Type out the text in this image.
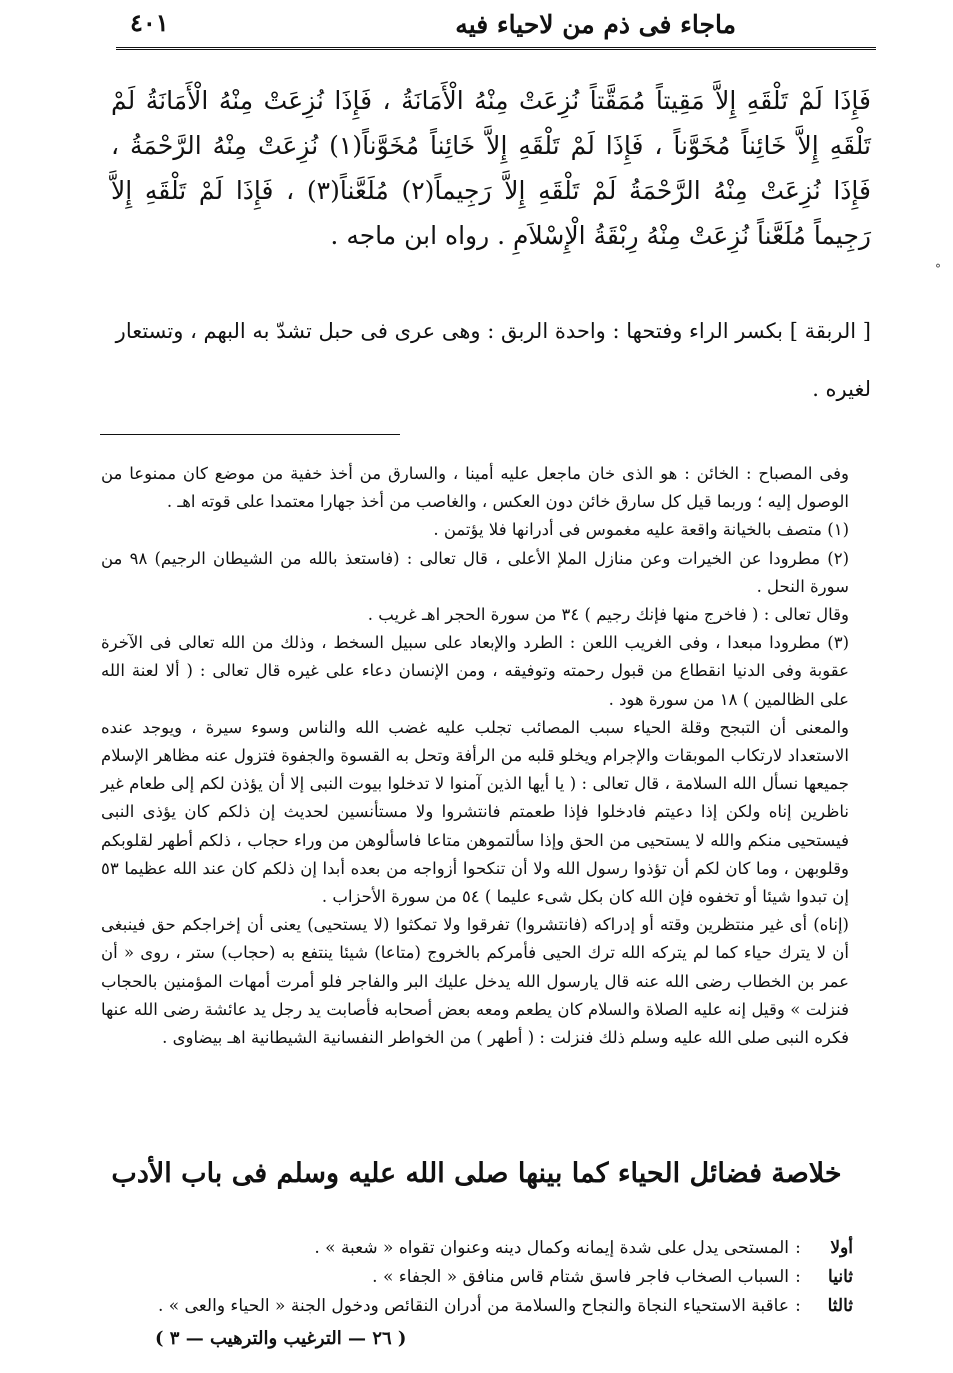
ماجاء فى ذم من لاحياء فيه
٤٠١

فَإِذَا لَمْ تَلْقَهِ إِلاَّ مَقِيتاً مُمَقَّتاً نُزِعَتْ مِنْهُ الْأَمَانَةُ ، فَإِذَا نُزِعَتْ مِنْهُ الْأَمَانَةُ لَمْ تَلْقَهِ إِلاَّ خَائِناً مُخَوَّناً ، فَإِذَا لَمْ تَلْقَهِ إِلاَّ خَائِناً مُخَوَّناً(١) نُزِعَتْ مِنْهُ الرَّحْمَةُ ، فَإِذَا نُزِعَتْ مِنْهُ الرَّحْمَةُ لَمْ تَلْقَهِ إِلاَّ رَجِيماً(٢) مُلَعَّناً(٣) ، فَإِذَا لَمْ تَلْقَهِ إِلاَّ رَجِيماً مُلَعَّناً نُزِعَتْ مِنْهُ رِبْقَةُ الْإِسْلاَمِ . رواه ابن ماجه .

[ الربقة ] بكسر الراء وفتحها : واحدة الربق : وهى عرى فى حبل تشدّ به البهم ، وتستعار لغيره .

°

وفى المصباح : الخائن : هو الذى خان ماجعل عليه أمينا ، والسارق من أخذ خفية من موضع كان ممنوعا من الوصول إليه ؛ وربما قيل كل سارق خائن دون العكس ، والغاصب من أخذ جهارا معتمدا على قوته اهـ .

(١) متصف بالخيانة واقعة عليه مغموس فى أدرانها فلا يؤتمن .

(٢) مطرودا عن الخيرات وعن منازل الملإ الأعلى ، قال تعالى : (فاستعذ بالله من الشيطان الرجيم) ٩٨ من سورة النحل .

وقال تعالى : ( فاخرج منها فإنك رجيم ) ٣٤ من سورة الحجر اهـ غريب .

(٣) مطرودا مبعدا ، وفى الغريب اللعن : الطرد والإبعاد على سبيل السخط ، وذلك من الله تعالى فى الآخرة عقوبة وفى الدنيا انقطاع من قبول رحمته وتوفيقه ، ومن الإنسان دعاء على غيره قال تعالى : ( ألا لعنة الله على الظالمين ) ١٨ من سورة هود .

والمعنى أن التبجح وقلة الحياء سبب المصائب تجلب عليه غضب الله والناس وسوء سيرة ، ويوجد عنده الاستعداد لارتكاب الموبقات والإجرام ويخلو قلبه من الرأفة وتحل به القسوة والجفوة فتزول عنه مظاهر الإسلام جميعها نسأل الله السلامة ، قال تعالى : ( يا أيها الذين آمنوا لا تدخلوا بيوت النبى إلا أن يؤذن لكم إلى طعام غير ناظرين إناه ولكن إذا دعيتم فادخلوا فإذا طعمتم فانتشروا ولا مستأنسين لحديث إن ذلكم كان يؤذى النبى فيستحيى منكم والله لا يستحيى من الحق وإذا سألتموهن متاعا فاسألوهن من وراء حجاب ، ذلكم أطهر لقلوبكم وقلوبهن ، وما كان لكم أن تؤذوا رسول الله ولا أن تنكحوا أزواجه من بعده أبدا إن ذلكم كان عند الله عظيما ٥٣ إن تبدوا شيئا أو تخفوه فإن الله كان بكل شىء عليما ) ٥٤ من سورة الأحزاب .

(إناه) أى غير منتظرين وقته أو إدراكه (فانتشروا) تفرقوا ولا تمكثوا (لا يستحيى) يعنى أن إخراجكم حق فينبغى أن لا يترك حياء كما لم يتركه الله ترك الحيى فأمركم بالخروج (متاعا) شيئا ينتفع به (حجاب) ستر ، روى « أن عمر بن الخطاب رضى الله عنه قال يارسول الله يدخل عليك البر والفاجر فلو أمرت أمهات المؤمنين بالحجاب فنزلت » وقيل إنه عليه الصلاة والسلام كان يطعم ومعه بعض أصحابه فأصابت يد رجل يد عائشة رضى الله عنها فكره النبى صلى الله عليه وسلم ذلك فنزلت : ( أطهر ) من الخواطر النفسانية الشيطانية اهـ بيضاوى .

خلاصة فضائل الحياء كما بينها صلى الله عليه وسلم فى باب الأدب
أولا
:
المستحى يدل على شدة إيمانه وكمال دينه وعنوان تقواه « شعبة » .
ثانيا
:
السباب الصخاب فاجر فاسق شتام قاس منافق « الجفاء » .
ثالثا
:
عاقبة الاستحياء النجاة والنجاح والسلامة من أدران النقائص ودخول الجنة « الحياء والعى » .
( ٢٦ — الترغيب والترهيب — ٣ )
